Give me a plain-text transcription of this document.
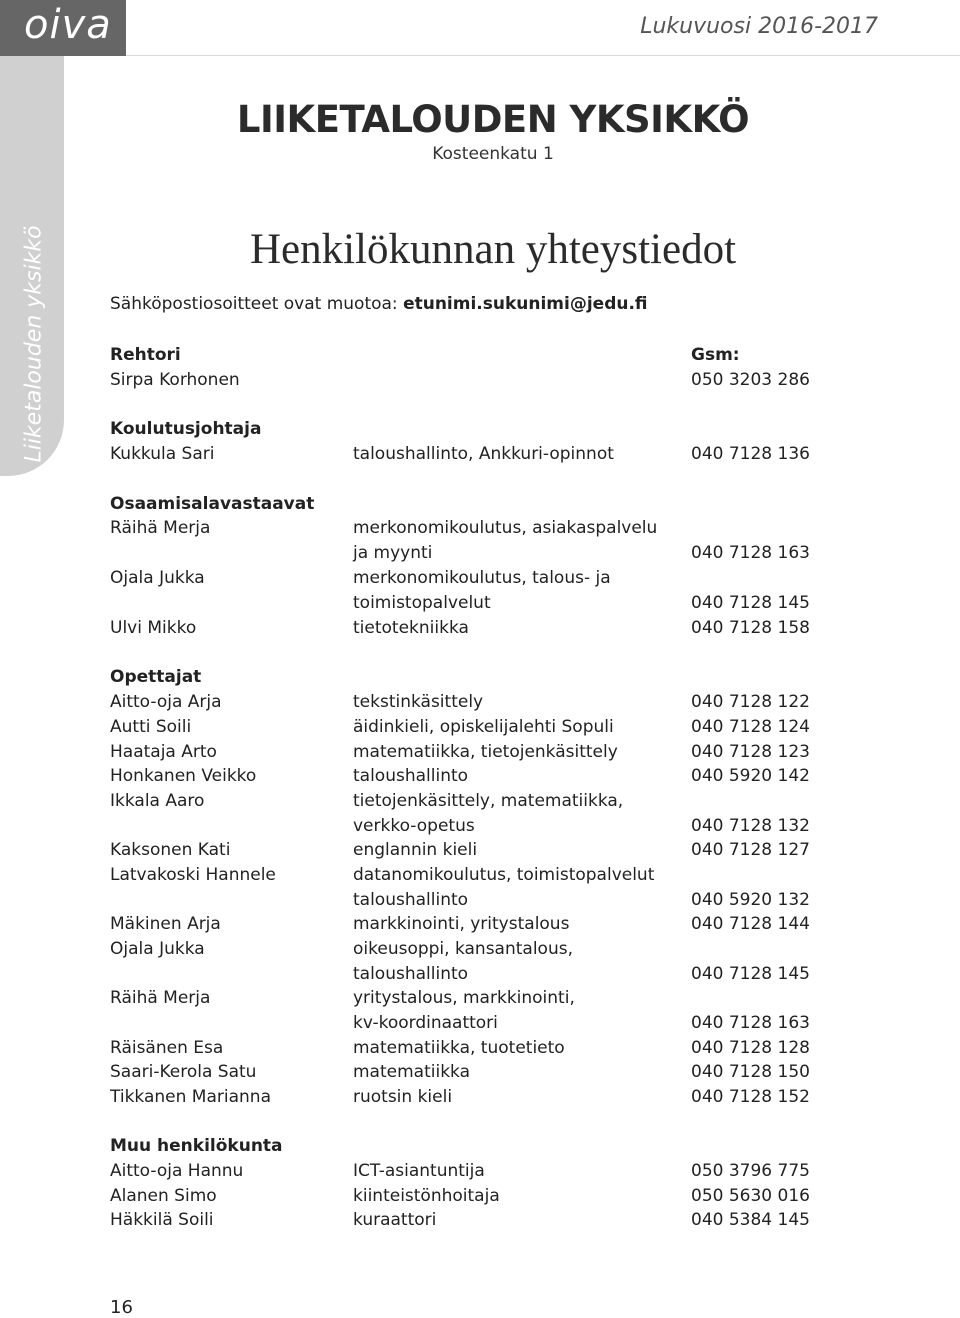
oiva	Lukuvuosi 2016-2017
Liiketalouden yksikkö
LIIKETALOUDEN YKSIKKÖ
Kosteenkatu 1
Henkilökunnan yhteystiedot
Sähköpostiosoitteet ovat muotoa: etunimi.sukunimi@jedu.fi
Rehtori	Gsm:
Sirpa Korhonen	050 3203 286
Koulutusjohtaja
Kukkula Sari	taloushallinto, Ankkuri-opinnot	040 7128 136
Osaamisalavastaavat
Räihä Merja	merkonomikoulutus, asiakaspalvelu
ja myynti	040 7128 163
Ojala Jukka	merkonomikoulutus, talous- ja
toimistopalvelut	040 7128 145
Ulvi Mikko	tietotekniikka	040 7128 158
Opettajat
Aitto-oja Arja	tekstinkäsittely	040 7128 122
Autti Soili	äidinkieli, opiskelijalehti Sopuli	040 7128 124
Haataja Arto	matematiikka, tietojenkäsittely	040 7128 123
Honkanen Veikko	taloushallinto	040 5920 142
Ikkala Aaro	tietojenkäsittely, matematiikka,
verkko-opetus	040 7128 132
Kaksonen Kati	englannin kieli	040 7128 127
Latvakoski Hannele	datanomikoulutus, toimistopalvelut
taloushallinto	040 5920 132
Mäkinen Arja	markkinointi, yritystalous	040 7128 144
Ojala Jukka	oikeusoppi, kansantalous,
taloushallinto	040 7128 145
Räihä Merja	yritystalous, markkinointi,
kv-koordinaattori	040 7128 163
Räisänen Esa	matematiikka, tuotetieto	040 7128 128
Saari-Kerola Satu	matematiikka	040 7128 150
Tikkanen Marianna	ruotsin kieli	040 7128 152
Muu henkilökunta
Aitto-oja Hannu	ICT-asiantuntija	050 3796 775
Alanen Simo	kiinteistönhoitaja	050 5630 016
Häkkilä Soili	kuraattori	040 5384 145
16
